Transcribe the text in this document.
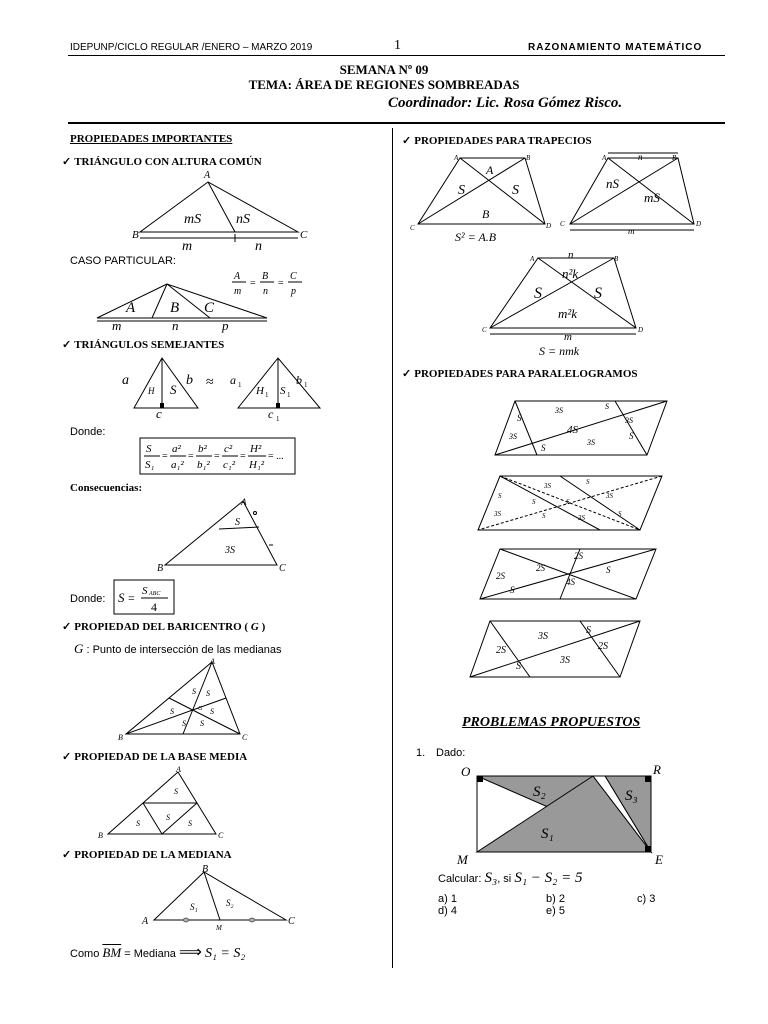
IDEPUNP/CICLO REGULAR /ENERO – MARZO 2019	1	RAZONAMIENTO MATEMÁTICO
SEMANA Nº 09
TEMA: ÁREA DE REGIONES SOMBREADAS
Coordinador: Lic. Rosa Gómez Risco.
PROPIEDADES IMPORTANTES
✓ TRIÁNGULO CON ALTURA COMÚN
A
B	C
mS nS
m	n
CASO PARTICULAR:
A
m
=
B
n
=
C
p
A B C
m	n	p
✓ TRIÁNGULOS SEMEJANTES
a	b
H S
c
≈ a 1	b 1
H 1 S 1
c 1
Donde:
S
S₁
=
a²
a₁²
=
b²
b₁²
=
c²
c₁²
=
H²
H₁²
= ...
Consecuencias:
A
B	C
S
3S
Donde: S = S ABC
4
✓ PROPIEDAD DEL BARICENTRO ( G )
G : Punto de intersección de las medianas
A
B	C
S S
S	S
S S
G
✓ PROPIEDAD DE LA BASE MEDIA
A
B	C
S
S
S
S
✓ PROPIEDAD DE LA MEDIANA
B
A	C
M
S₁	S₂
Como $\overline{BM}$ = Mediana ⟹ S₁ = S₂
✓ PROPIEDADES PARA TRAPECIOS
A	B
C	D
A
S	S
B
S² = A.B
A	B
C	D
n
nS
mS
m
A	B
C	D
n
n²k
S	S
m²k
m
S = nmk
✓ PROPIEDADES PARA PARALELOGRAMOS
3S	S
S
4S
3S
3S
3S
S
S
3S	S
S
S	S
3S
3S	S	3S	S
2S
2S
2S
4S
S
S
3S
S
2S	2S
S
3S
PROBLEMAS PROPUESTOS
1. Dado:
O	R
M	E
S₂	S₃
S₁
Calcular: S₃, si S₁ − S₂ = 5
a) 1	b) 2	c) 3
d) 4	e) 5
